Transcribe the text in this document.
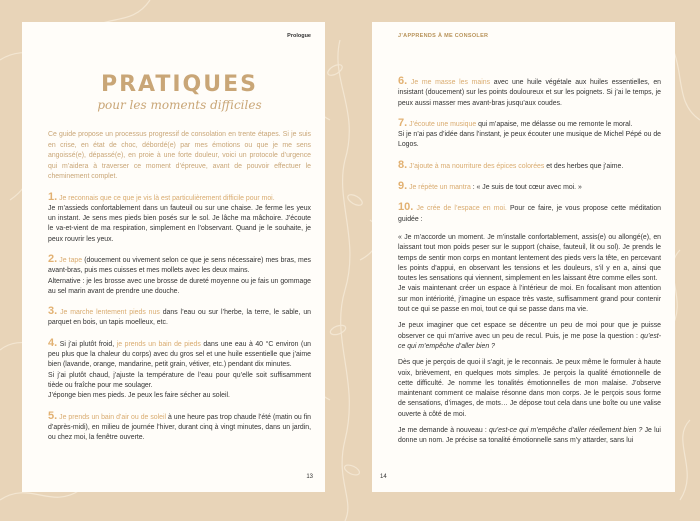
Prologue
PRATIQUES
pour les moments difficiles
Ce guide propose un processus progressif de consolation en trente étapes. Si je suis en crise, en état de choc, débordé(e) par mes émotions ou que je me sens angoissé(e), dépassé(e), en proie à une forte douleur, voici un protocole d’urgence qui m’aidera à traverser ce moment d’épreuve, avant de pouvoir effectuer le cheminement complet.

1. Je reconnais que ce que je vis là est particulièrement difficile pour moi.

Je m’assieds confortablement dans un fauteuil ou sur une chaise. Je ferme les yeux un instant. Je sens mes pieds bien posés sur le sol. Je lâche ma mâchoire. J’écoute le va-et-vient de ma respiration, simplement en l’observant. Quand je le souhaite, je peux rouvrir les yeux.

2. Je tape (doucement ou vivement selon ce que je sens nécessaire) mes bras, mes avant-bras, puis mes cuisses et mes mollets avec les deux mains.

Alternative : je les brosse avec une brosse de dureté moyenne ou je fais un gommage au sel marin avant de prendre une douche.

3. Je marche lentement pieds nus dans l’eau ou sur l’herbe, la terre, le sable, un parquet en bois, un tapis moelleux, etc.

4. Si j’ai plutôt froid, je prends un bain de pieds dans une eau à 40 °C environ (un peu plus que la chaleur du corps) avec du gros sel et une huile essentielle que j’aime bien (lavande, orange, mandarine, petit grain, vétiver, etc.) pendant dix minutes.

Si j’ai plutôt chaud, j’ajuste la température de l’eau pour qu’elle soit suffisamment tiède ou fraîche pour me soulager.

J’éponge bien mes pieds. Je peux les faire sécher au soleil.

5. Je prends un bain d’air ou de soleil à une heure pas trop chaude l’été (matin ou fin d’après-midi), en milieu de journée l’hiver, durant cinq à vingt minutes, dans un jardin, ou chez moi, la fenêtre ouverte.

13
J’APPRENDS À ME CONSOLER

6. Je me masse les mains avec une huile végétale aux huiles essentielles, en insistant (doucement) sur les points douloureux et sur les poignets. Si j’ai le temps, je peux aussi masser mes avant-bras jusqu’aux coudes.

7. J’écoute une musique qui m’apaise, me délasse ou me remonte le moral.

Si je n’ai pas d’idée dans l’instant, je peux écouter une musique de Michel Pépé ou de Logos.

8. J’ajoute à ma nourriture des épices colorées et des herbes que j’aime.

9. Je répète un mantra : « Je suis de tout cœur avec moi. »

10. Je crée de l’espace en moi. Pour ce faire, je vous propose cette méditation guidée :

« Je m’accorde un moment. Je m’installe confortablement, assis(e) ou allongé(e), en laissant tout mon poids peser sur le support (chaise, fauteuil, lit ou sol). Je prends le temps de sentir mon corps en montant lentement des pieds vers la tête, en percevant les points d’appui, en observant les tensions et les douleurs, s’il y en a, ainsi que toutes les sensations qui viennent, simplement en les laissant être comme elles sont.

Je vais maintenant créer un espace à l’intérieur de moi. En focalisant mon attention sur mon intériorité, j’imagine un espace très vaste, suffisamment grand pour contenir tout ce qui se passe en moi, tout ce qui se passe dans ma vie.

Je peux imaginer que cet espace se décentre un peu de moi pour que je puisse observer ce qui m’arrive avec un peu de recul. Puis, je me pose la question : qu’est-ce qui m’empêche d’aller bien ?

Dès que je perçois de quoi il s’agit, je le reconnais. Je peux même le formuler à haute voix, brièvement, en quelques mots simples. Je perçois la qualité émotionnelle de cette difficulté. Je nomme les tonalités émotionnelles de mon malaise. J’observe maintenant comment ce malaise résonne dans mon corps. Je le perçois sous forme de sensations, d’images, de mots… Je dépose tout cela dans une boîte ou une valise ouverte à côté de moi.

Je me demande à nouveau : qu’est-ce qui m’empêche d’aller réellement bien ? Je lui donne un nom. Je précise sa tonalité émotionnelle sans m’y attarder, sans lui

14
